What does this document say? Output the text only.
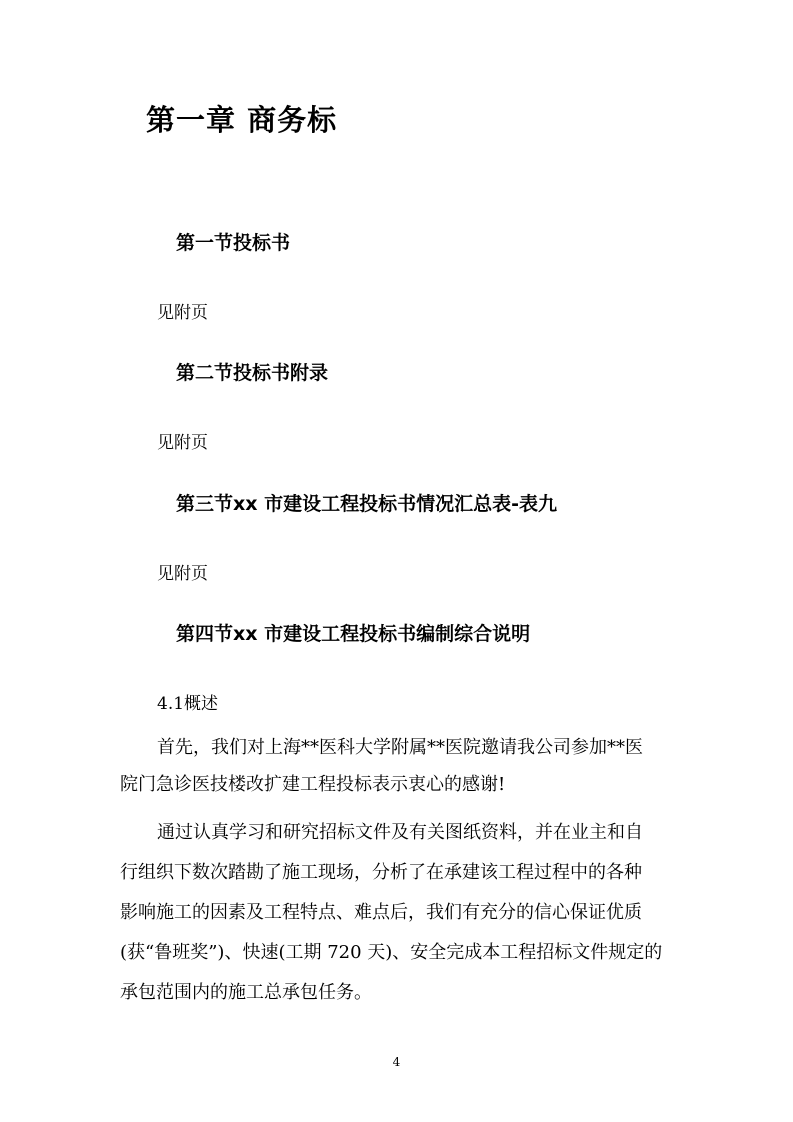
第一章 商务标
第一节投标书
见附页
第二节投标书附录
见附页
第三节xx 市建设工程投标书情况汇总表-表九
见附页
第四节xx 市建设工程投标书编制综合说明
4.1概述
首先，我们对上海**医科大学附属**医院邀请我公司参加**医
院门急诊医技楼改扩建工程投标表示衷心的感谢!
通过认真学习和研究招标文件及有关图纸资料，并在业主和自
行组织下数次踏勘了施工现场，分析了在承建该工程过程中的各种
影响施工的因素及工程特点、难点后，我们有充分的信心保证优质
(获“鲁班奖”)、快速(工期 720 天)、安全完成本工程招标文件规定的
承包范围内的施工总承包任务。
4
